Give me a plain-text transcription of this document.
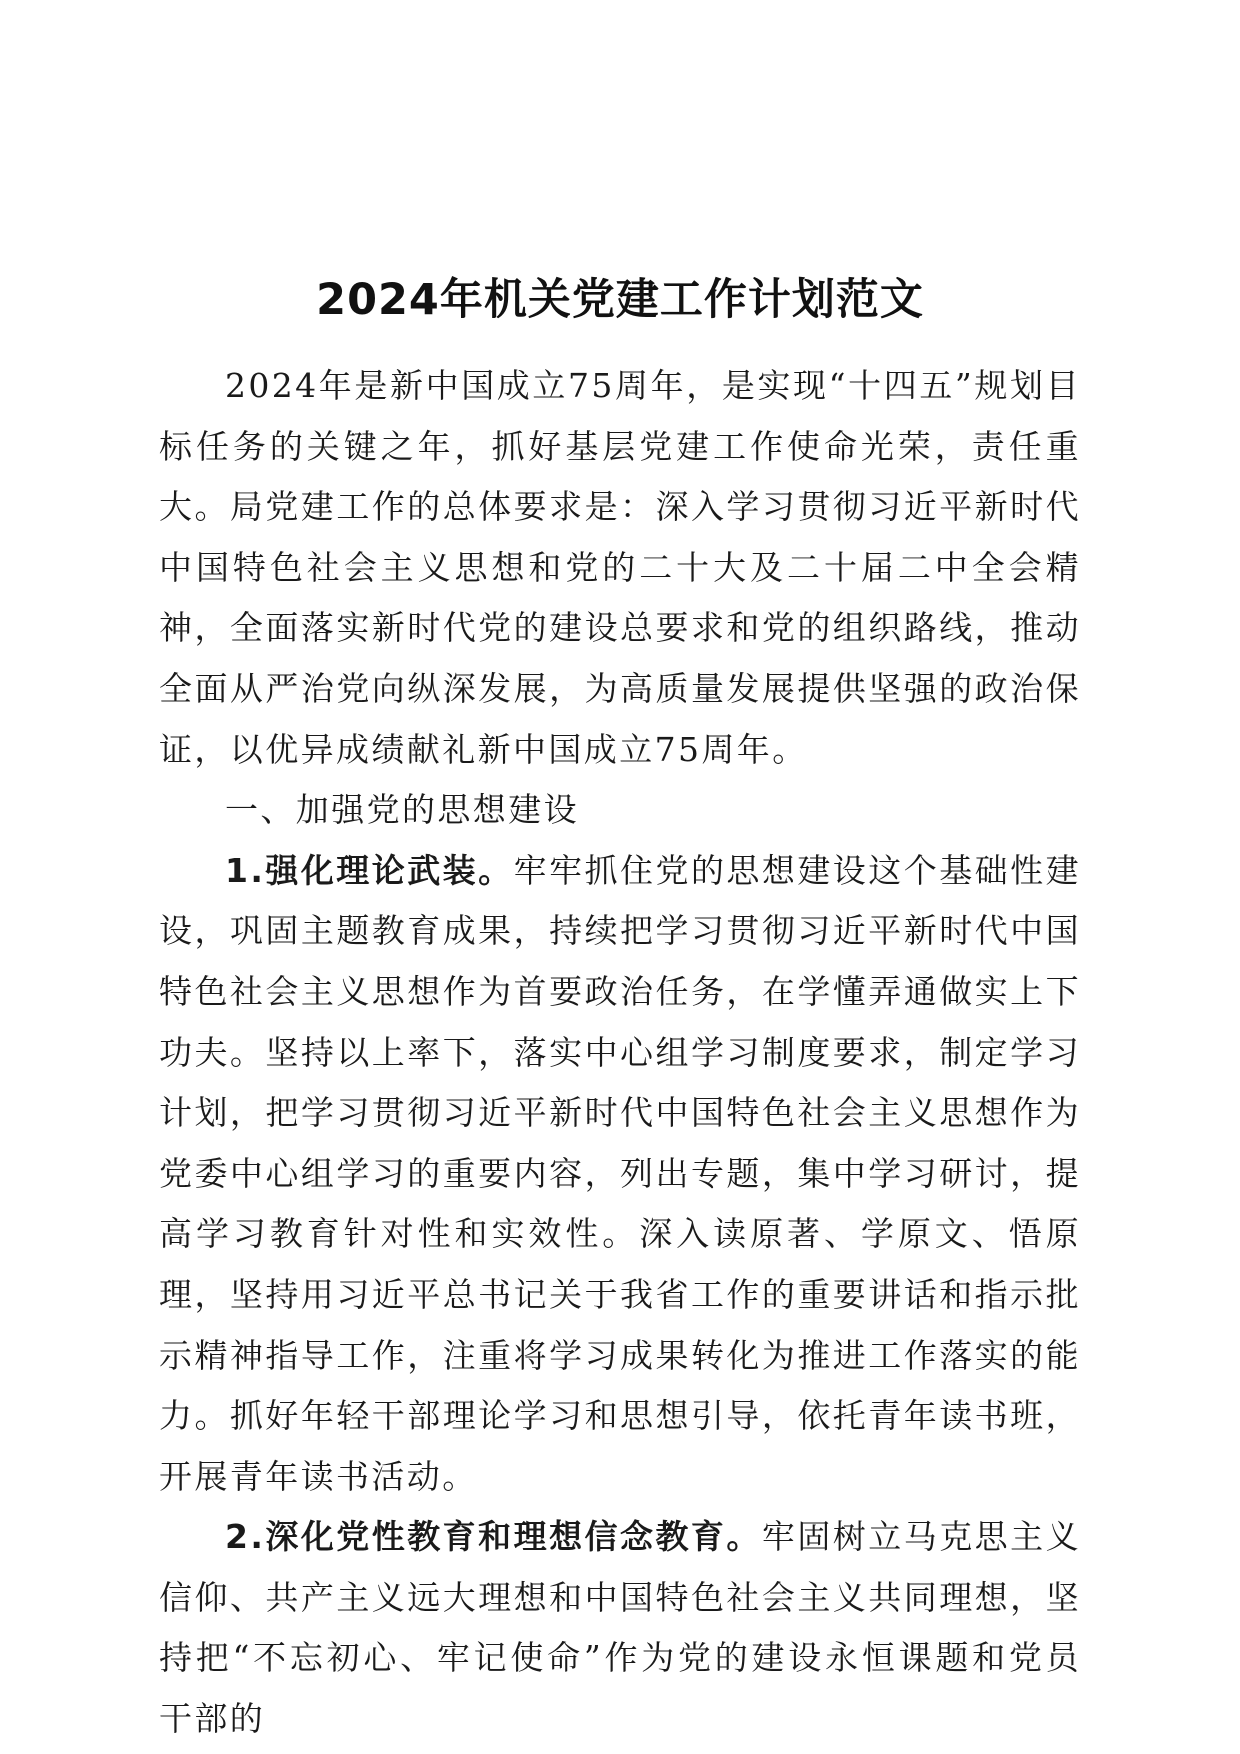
2024年机关党建工作计划范文

2024年是新中国成立75周年，是实现“十四五”规划目标任务的关键之年，抓好基层党建工作使命光荣，责任重大。局党建工作的总体要求是：深入学习贯彻习近平新时代中国特色社会主义思想和党的二十大及二十届二中全会精神，全面落实新时代党的建设总要求和党的组织路线，推动全面从严治党向纵深发展，为高质量发展提供坚强的政治保证，以优异成绩献礼新中国成立75周年。

一、加强党的思想建设

1.强化理论武装。牢牢抓住党的思想建设这个基础性建设，巩固主题教育成果，持续把学习贯彻习近平新时代中国特色社会主义思想作为首要政治任务，在学懂弄通做实上下功夫。坚持以上率下，落实中心组学习制度要求，制定学习计划，把学习贯彻习近平新时代中国特色社会主义思想作为党委中心组学习的重要内容，列出专题，集中学习研讨，提高学习教育针对性和实效性。深入读原著、学原文、悟原理，坚持用习近平总书记关于我省工作的重要讲话和指示批示精神指导工作，注重将学习成果转化为推进工作落实的能力。抓好年轻干部理论学习和思想引导，依托青年读书班，开展青年读书活动。

2.深化党性教育和理想信念教育。牢固树立马克思主义信仰、共产主义远大理想和中国特色社会主义共同理想，坚持把“不忘初心、牢记使命”作为党的建设永恒课题和党员干部的
